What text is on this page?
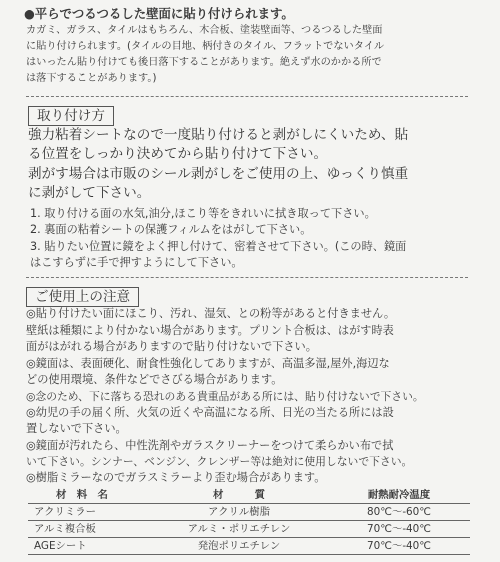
●平らでつるつるした壁面に貼り付けられます。
カガミ、ガラス、タイルはもちろん、木合板、塗装壁面等、つるつるした壁面
に貼り付けられます。(タイルの目地、柄付きのタイル、フラットでないタイル
はいったん貼り付けても後日落下することがあります。絶えず水のかかる所で
は落下することがあります。)
取り付け方
強力粘着シートなので一度貼り付けると剥がしにくいため、貼
る位置をしっかり決めてから貼り付けて下さい。
剥がす場合は市販のシール剥がしをご使用の上、ゆっくり慎重
に剥がして下さい。
1. 取り付ける面の水気,油分,ほこり等をきれいに拭き取って下さい。
2. 裏面の粘着シートの保護フィルムをはがして下さい。
3. 貼りたい位置に鏡をよく押し付けて、密着させて下さい。(この時、鏡面
はこすらずに手で押すようにして下さい。
ご使用上の注意
◎貼り付けたい面にほこり、汚れ、湿気、との粉等があると付きません。
壁紙は種類により付かない場合があります。プリント合板は、はがす時表
面がはがれる場合がありますので貼り付けないで下さい。
◎鏡面は、表面硬化、耐食性強化してありますが、高温多湿,屋外,海辺な
どの使用環境、条件などでさびる場合があります。
◎念のため、下に落ちる恐れのある貴重品がある所には、貼り付けないで下さい。
◎幼児の手の届く所、火気の近くや高温になる所、日光の当たる所には設
置しないで下さい。
◎鏡面が汚れたら、中性洗剤やガラスクリーナーをつけて柔らかい布で拭
いて下さい。シンナー、ベンジン、クレンザー等は絶対に使用しないで下さい。
◎樹脂ミラーなのでガラスミラーより歪む場合があります。
材　料　名	材　　　質	耐熱耐冷温度
アクリミラー	アクリル樹脂	80℃～-60℃
アルミ複合板	アルミ・ポリエチレン	70℃～-40℃
AGEシート	発泡ポリエチレン	70℃～-40℃
